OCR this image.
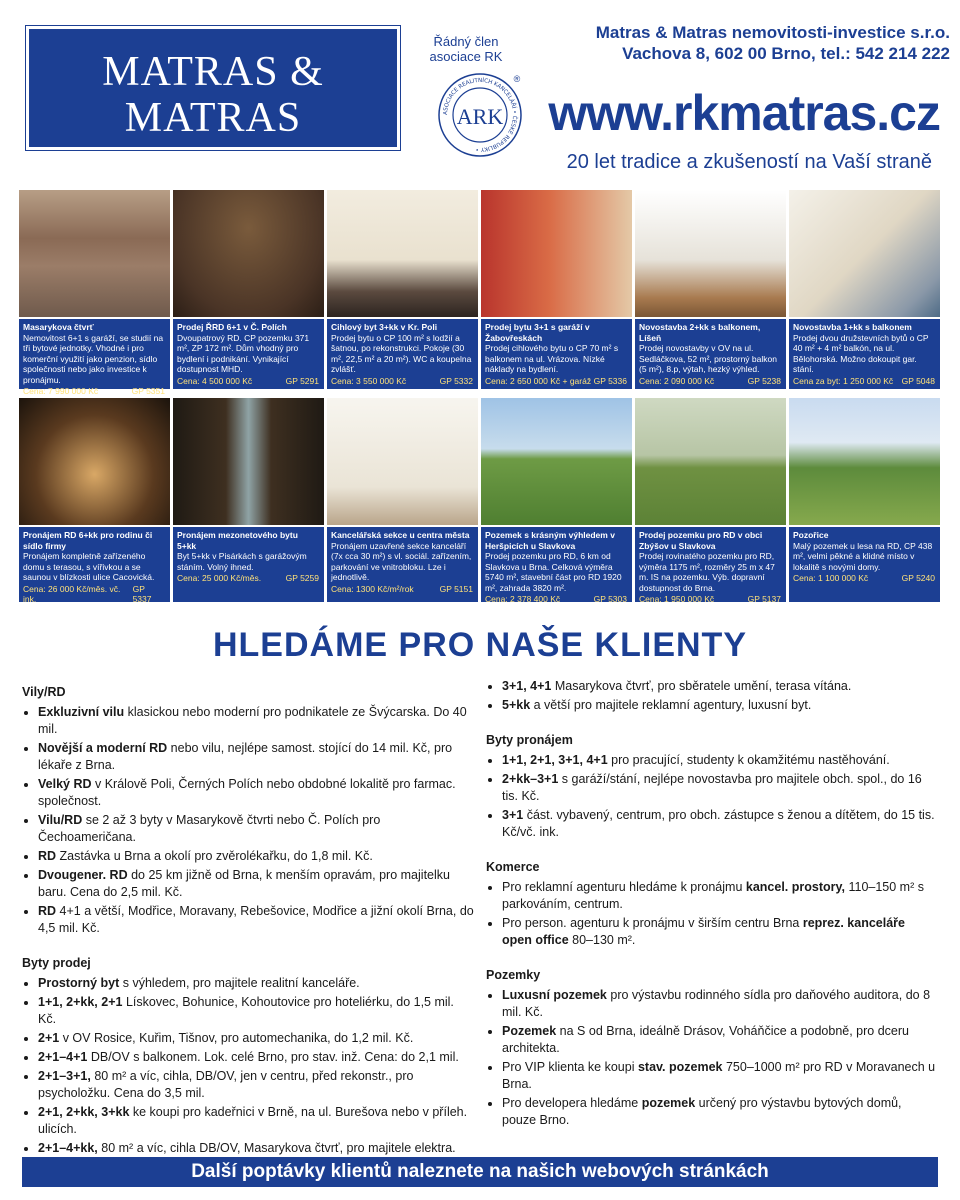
MATRAS & MATRAS
realitní kancelář
Řádný člen
asociace RK
ASOCIACE REALITNÍCH KANCELÁŘÍ • ČESKÉ REPUBLIKY •
ARK
®
Matras & Matras nemovitosti-investice s.r.o.
Vachova 8, 602 00 Brno, tel.: 542 214 222
www.rkmatras.cz
20 let tradice a zkušeností na Vaší straně
Masarykova čtvrť
Nemovitost 6+1 s garáží, se studií na tři bytové jednotky. Vhodné i pro komerční využití jako penzion, sídlo společnosti nebo jako investice k pronájmu.
Cena: 7 990 000 Kč	GP 5351
Prodej ŘRD 6+1 v Č. Polích
Dvoupatrový RD. CP pozemku 371 m², ZP 172 m². Dům vhodný pro bydlení i podnikání. Vynikající dostupnost MHD.
Cena: 4 500 000 Kč	GP 5291
Cihlový byt 3+kk v Kr. Poli
Prodej bytu o CP 100 m² s lodžií a šatnou, po rekonstrukci. Pokoje (30 m², 22,5 m² a 20 m²). WC a koupelna zvlášť.
Cena: 3 550 000 Kč	GP 5332
Prodej bytu 3+1 s garáží v Žabovřeskách
Prodej cihlového bytu o CP 70 m² s balkonem na ul. Vrázova. Nízké náklady na bydlení.
Cena: 2 650 000 Kč + garáž GP 5336
Novostavba 2+kk s balkonem, Líšeň
Prodej novostavby v OV na ul. Sedláčkova, 52 m², prostorný balkon (5 m²), 8.p, výtah, hezký výhled.
Cena: 2 090 000 Kč	GP 5238
Novostavba 1+kk s balkonem
Prodej dvou družstevních bytů o CP 40 m² + 4 m² balkón, na ul. Bělohorská. Možno dokoupit gar. stání.
Cena za byt: 1 250 000 Kč GP 5048
Pronájem RD 6+kk pro rodinu či sídlo firmy
Pronájem kompletně zařízeného domu s terasou, s vířivkou a se saunou v blízkosti ulice Cacovická.
Cena: 26 000 Kč/měs. vč. ink.
GP 5337
Pronájem mezonetového bytu 5+kk
Byt 5+kk v Pisárkách s garážovým stáním. Volný ihned.
Cena: 25 000 Kč/měs.	GP 5259
Kancelářská sekce u centra města
Pronájem uzavřené sekce kanceláří (7x cca 30 m²) s vl. sociál. zařízením, parkování ve vnitrobloku. Lze i jednotlivě.
Cena: 1300 Kč/m²/rok	GP 5151
Pozemek s krásným výhledem v Heršpicích u Slavkova
Prodej pozemku pro RD, 6 km od Slavkova u Brna. Celková výměra 5740 m², stavební část pro RD 1920 m², zahrada 3820 m².
Cena: 2 378 400 Kč	GP 5303
Prodej pozemku pro RD v obci Zbýšov u Slavkova
Prodej rovinatého pozemku pro RD, výměra 1175 m², rozměry 25 m x 47 m. IS na pozemku. Výb. dopravní dostupnost do Brna.
Cena: 1 950 000 Kč	GP 5137
Pozořice
Malý pozemek u lesa na RD, CP 438 m², velmi pěkné a klidné místo v lokalitě s novými domy.
Cena: 1 100 000 Kč	GP 5240
HLEDÁME PRO NAŠE KLIENTY
Vily/RD
• Exkluzivní vilu klasickou nebo moderní pro podnikatele ze Švýcarska. Do 40 mil.
• Novější a moderní RD nebo vilu, nejlépe samost. stojící do 14 mil. Kč, pro lékaře z Brna.
• Velký RD v Králově Poli, Černých Polích nebo obdobné lokalitě pro farmac. společnost.
• Vilu/RD se 2 až 3 byty v Masarykově čtvrti nebo Č. Polích pro Čechoameričana.
• RD Zastávka u Brna a okolí pro zvěrolékařku, do 1,8 mil. Kč.
• Dvougener. RD do 25 km jižně od Brna, k menším opravám, pro majitelku baru. Cena do 2,5 mil. Kč.
• RD 4+1 a větší, Modřice, Moravany, Rebešovice, Modřice a jižní okolí Brna, do 4,5 mil. Kč.
Byty prodej
• Prostorný byt s výhledem, pro majitele realitní kanceláře.
• 1+1, 2+kk, 2+1 Lískovec, Bohunice, Kohoutovice pro hoteliérku, do 1,5 mil. Kč.
• 2+1 v OV Rosice, Kuřim, Tišnov, pro automechanika, do 1,2 mil. Kč.
• 2+1–4+1 DB/OV s balkonem. Lok. celé Brno, pro stav. inž. Cena: do 2,1 mil.
• 2+1–3+1, 80 m² a víc, cihla, DB/OV, jen v centru, před rekonstr., pro psycholožku. Cena do 3,5 mil.
• 2+1, 2+kk, 3+kk ke koupi pro kadeřnici v Brně, na ul. Burešova nebo v příleh. ulicích.
• 2+1–4+kk, 80 m² a víc, cihla DB/OV, Masarykova čtvrť, pro majitele elektra.
• 3+1, 4+1 Masarykova čtvrť, pro sběratele umění, terasa vítána.
• 5+kk a větší pro majitele reklamní agentury, luxusní byt.
Byty pronájem
• 1+1, 2+1, 3+1, 4+1 pro pracující, studenty k okamžitému nastěhování.
• 2+kk–3+1 s garáží/stání, nejlépe novostavba pro majitele obch. spol., do 16 tis. Kč.
• 3+1 část. vybavený, centrum, pro obch. zástupce s ženou a dítětem, do 15 tis. Kč/vč. ink.
Komerce
• Pro reklamní agenturu hledáme k pronájmu kancel. prostory, 110–150 m² s parkováním, centrum.
• Pro person. agenturu k pronájmu v širším centru Brna reprez. kanceláře open office 80–130 m².
Pozemky
• Luxusní pozemek pro výstavbu rodinného sídla pro daňového auditora, do 8 mil. Kč.
• Pozemek na S od Brna, ideálně Drásov, Voháňčice a podobně, pro dceru architekta.
• Pro VIP klienta ke koupi stav. pozemek 750–1000 m² pro RD v Moravanech u Brna.
• Pro developera hledáme pozemek určený pro výstavbu bytových domů, pouze Brno.
Další poptávky klientů naleznete na našich webových stránkách
